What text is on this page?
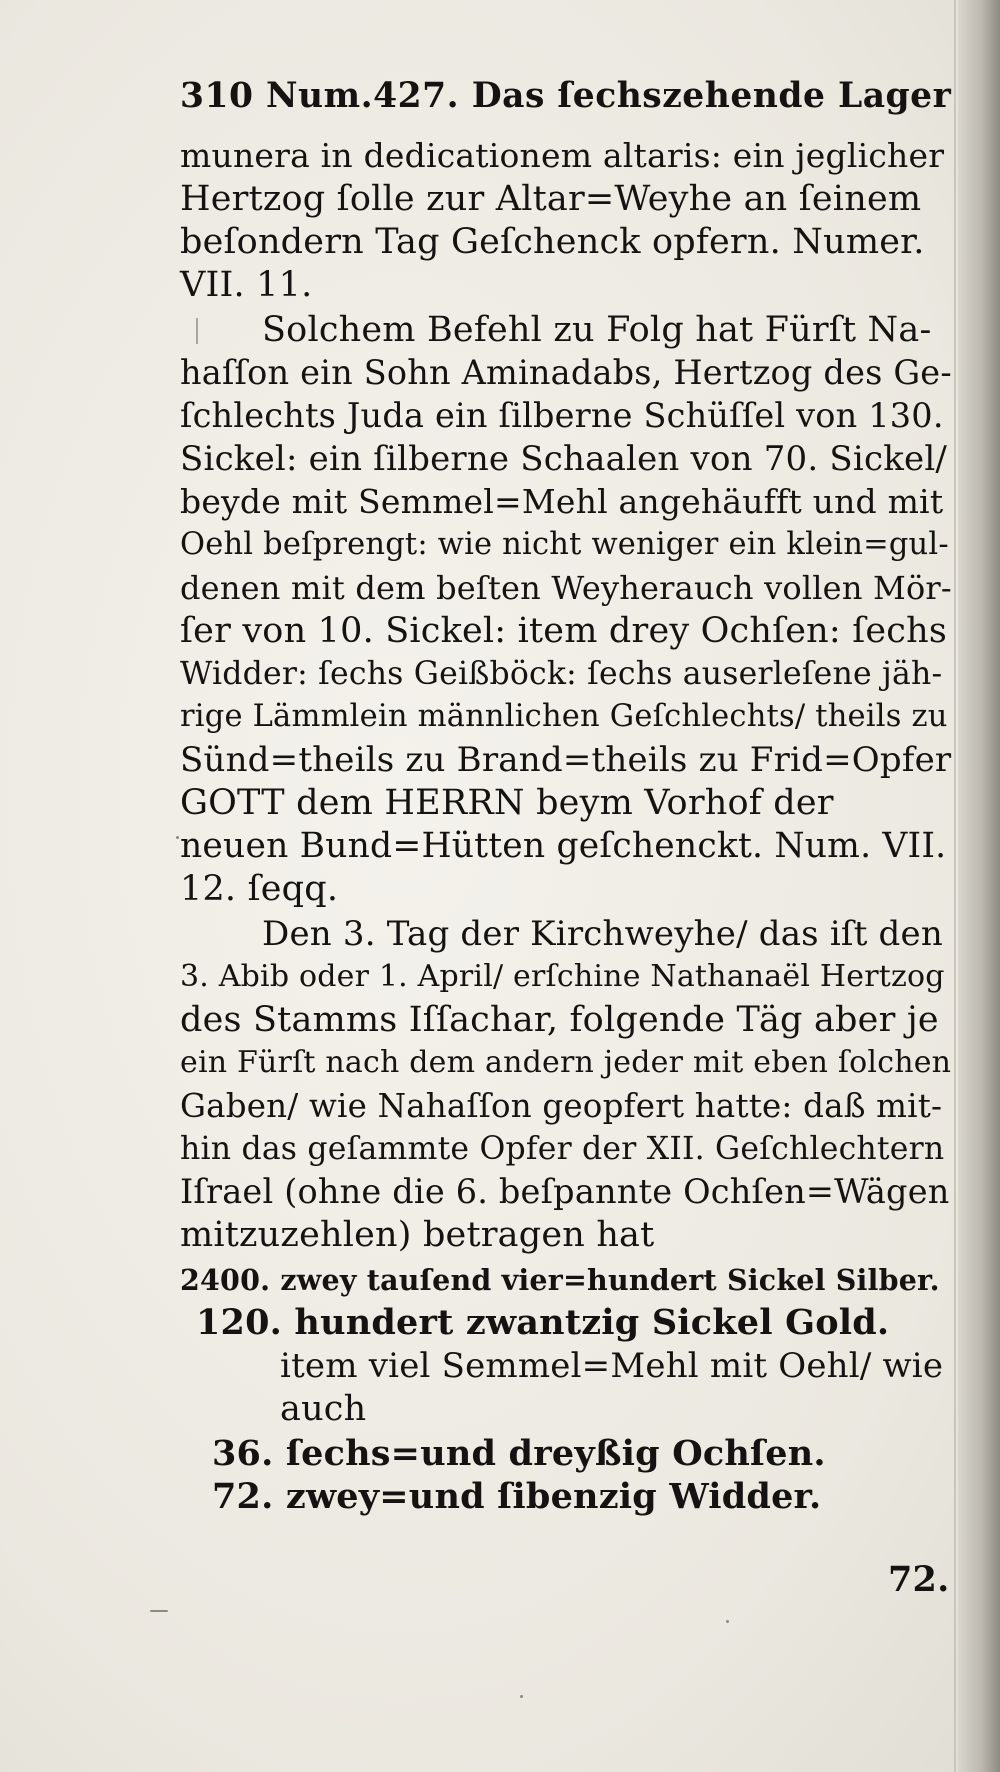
310 Num.427. Das ſechszehende Lager
munera in dedicationem altaris: ein jeglicher
Hertzog ſolle zur Altar=Weyhe an ſeinem
beſondern Tag Geſchenck opfern. Numer.
VII. 11.
Solchem Befehl zu Folg hat Fürſt Na-
haſſon ein Sohn Aminadabs, Hertzog des Ge-
ſchlechts Juda ein ſilberne Schüſſel von 130.
Sickel: ein ſilberne Schaalen von 70. Sickel/
beyde mit Semmel=Mehl angehäufft und mit
Oehl beſprengt: wie nicht weniger ein klein=gul-
denen mit dem beſten Weyherauch vollen Mör-
ſer von 10. Sickel: item drey Ochſen: ſechs
Widder: ſechs Geißböck: ſechs auserleſene jäh-
rige Lämmlein männlichen Geſchlechts/ theils zu
Sünd=theils zu Brand=theils zu Frid=Opfer
GOTT dem HERRN beym Vorhof der
neuen Bund=Hütten geſchenckt. Num. VII.
12. ſeqq.
Den 3. Tag der Kirchweyhe/ das iſt den
3. Abib oder 1. April/ erſchine Nathanaël Hertzog
des Stamms Iſſachar, folgende Täg aber je
ein Fürſt nach dem andern jeder mit eben ſolchen
Gaben/ wie Nahaſſon geopfert hatte: daß mit-
hin das geſammte Opfer der XII. Geſchlechtern
Iſrael (ohne die 6. beſpannte Ochſen=Wägen
mitzuzehlen) betragen hat
2400. zwey tauſend vier=hundert Sickel Silber.
120. hundert zwantzig Sickel Gold.
item viel Semmel=Mehl mit Oehl/ wie
auch
36. ſechs=und dreyßig Ochſen.
72. zwey=und ſibenzig Widder.
72.
